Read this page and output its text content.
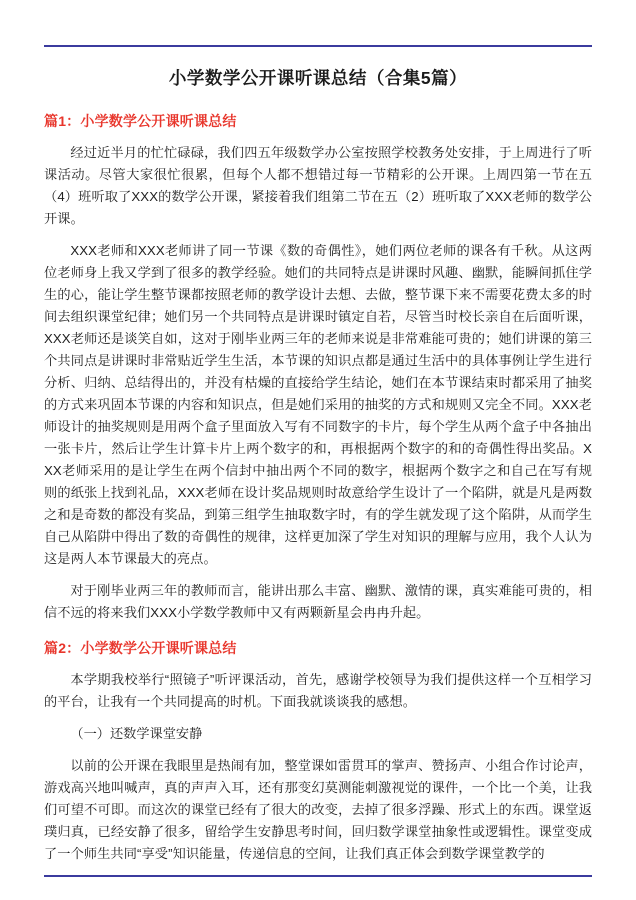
小学数学公开课听课总结（合集5篇）
篇1：小学数学公开课听课总结

经过近半月的忙忙碌碌，我们四五年级数学办公室按照学校教务处安排，于上周进行了听课活动。尽管大家很忙很累，但每个人都不想错过每一节精彩的公开课。上周四第一节在五（4）班听取了XXX的数学公开课，紧接着我们组第二节在五（2）班听取了XXX老师的数学公开课。

XXX老师和XXX老师讲了同一节课《数的奇偶性》，她们两位老师的课各有千秋。从这两位老师身上我又学到了很多的教学经验。她们的共同特点是讲课时风趣、幽默，能瞬间抓住学生的心，能让学生整节课都按照老师的教学设计去想、去做，整节课下来不需要花费太多的时间去组织课堂纪律；她们另一个共同特点是讲课时镇定自若，尽管当时校长亲自在后面听课，XXX老师还是谈笑自如，这对于刚毕业两三年的老师来说是非常难能可贵的；她们讲课的第三个共同点是讲课时非常贴近学生生活，本节课的知识点都是通过生活中的具体事例让学生进行分析、归纳、总结得出的，并没有枯燥的直接给学生结论，她们在本节课结束时都采用了抽奖的方式来巩固本节课的内容和知识点，但是她们采用的抽奖的方式和规则又完全不同。XXX老师设计的抽奖规则是用两个盒子里面放入写有不同数字的卡片，每个学生从两个盒子中各抽出一张卡片，然后让学生计算卡片上两个数字的和，再根据两个数字的和的奇偶性得出奖品。XXX老师采用的是让学生在两个信封中抽出两个不同的数字，根据两个数字之和自己在写有规则的纸张上找到礼品，XXX老师在设计奖品规则时故意给学生设计了一个陷阱，就是凡是两数之和是奇数的都没有奖品，到第三组学生抽取数字时，有的学生就发现了这个陷阱，从而学生自己从陷阱中得出了数的奇偶性的规律，这样更加深了学生对知识的理解与应用，我个人认为这是两人本节课最大的亮点。

对于刚毕业两三年的教师而言，能讲出那么丰富、幽默、激情的课，真实难能可贵的，相信不远的将来我们XXX小学数学教师中又有两颗新星会冉冉升起。

篇2：小学数学公开课听课总结

本学期我校举行“照镜子”听评课活动，首先，感谢学校领导为我们提供这样一个互相学习的平台，让我有一个共同提高的时机。下面我就谈谈我的感想。

（一）还数学课堂安静

以前的公开课在我眼里是热闹有加，整堂课如雷贯耳的掌声、赞扬声、小组合作讨论声，游戏高兴地叫喊声，真的声声入耳，还有那变幻莫测能刺激视觉的课件，一个比一个美，让我们可望不可即。而这次的课堂已经有了很大的改变，去掉了很多浮躁、形式上的东西。课堂返璞归真，已经安静了很多，留给学生安静思考时间，回归数学课堂抽象性或逻辑性。课堂变成了一个师生共同“享受”知识能量，传递信息的空间，让我们真正体会到数学课堂教学的
